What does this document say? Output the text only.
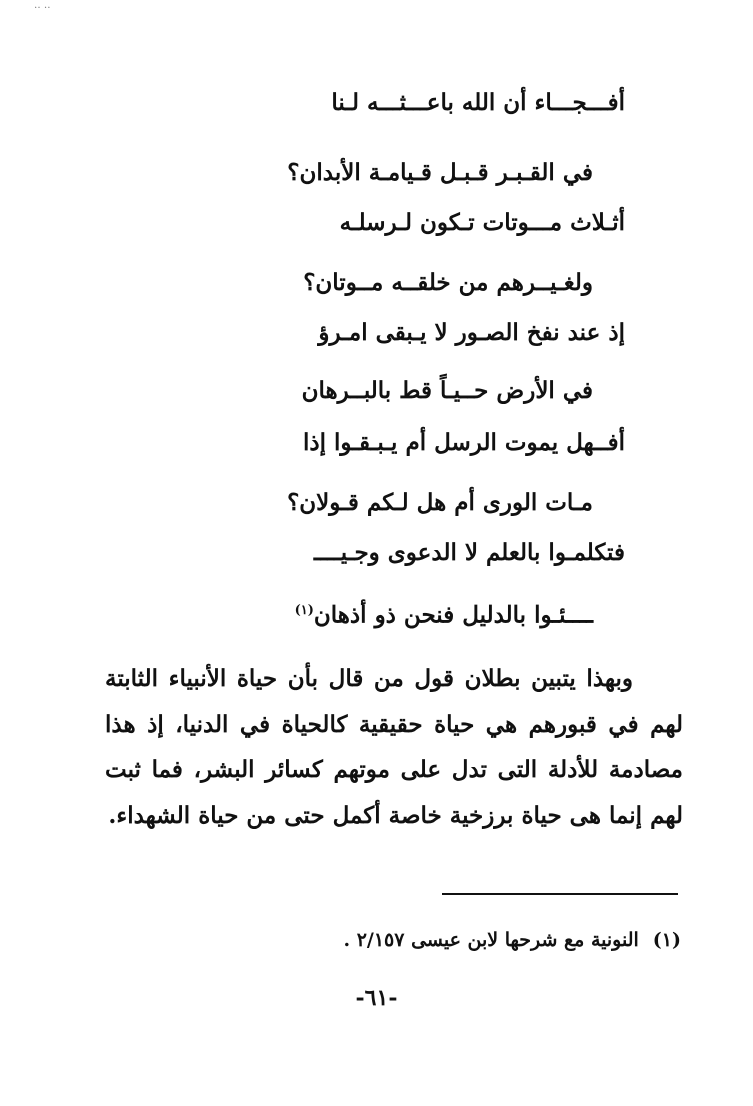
‥ ‥
أفـــجـــاء أن الله باعـــثـــه لـنا
في القـبـر قـبـل قـيامـة الأبدان؟
أثـلاث مـــوتات تـكون لـرسلـه
ولغـيــرهم من خلقــه مــوتان؟
إذ عند نفخ الصـور لا يـبقى امـرؤ
في الأرض حــيـاً قط بالبــرهان
أفــهل يموت الرسل أم يـبـقـوا إذا
مـات الورى أم هل لـكم قـولان؟
فتكلمـوا بالعلم لا الدعوى وجـيــــ
ــــئـوا بالدليل فنحن ذو أذهان$^{(١)}$

وبهذا يتبين بطلان قول من قال بأن حياة الأنبياء الثابتة لهم في قبورهم هي حياة حقيقية كالحياة في الدنيا، إذ هذا مصادمة للأدلة التى تدل على موتهم كسائر البشر، فما ثبت لهم إنما هى حياة برزخية خاصة أكمل حتى من حياة الشهداء.

(١)النونية مع شرحها لابن عيسى ٢/١٥٧ .
-٦١-
